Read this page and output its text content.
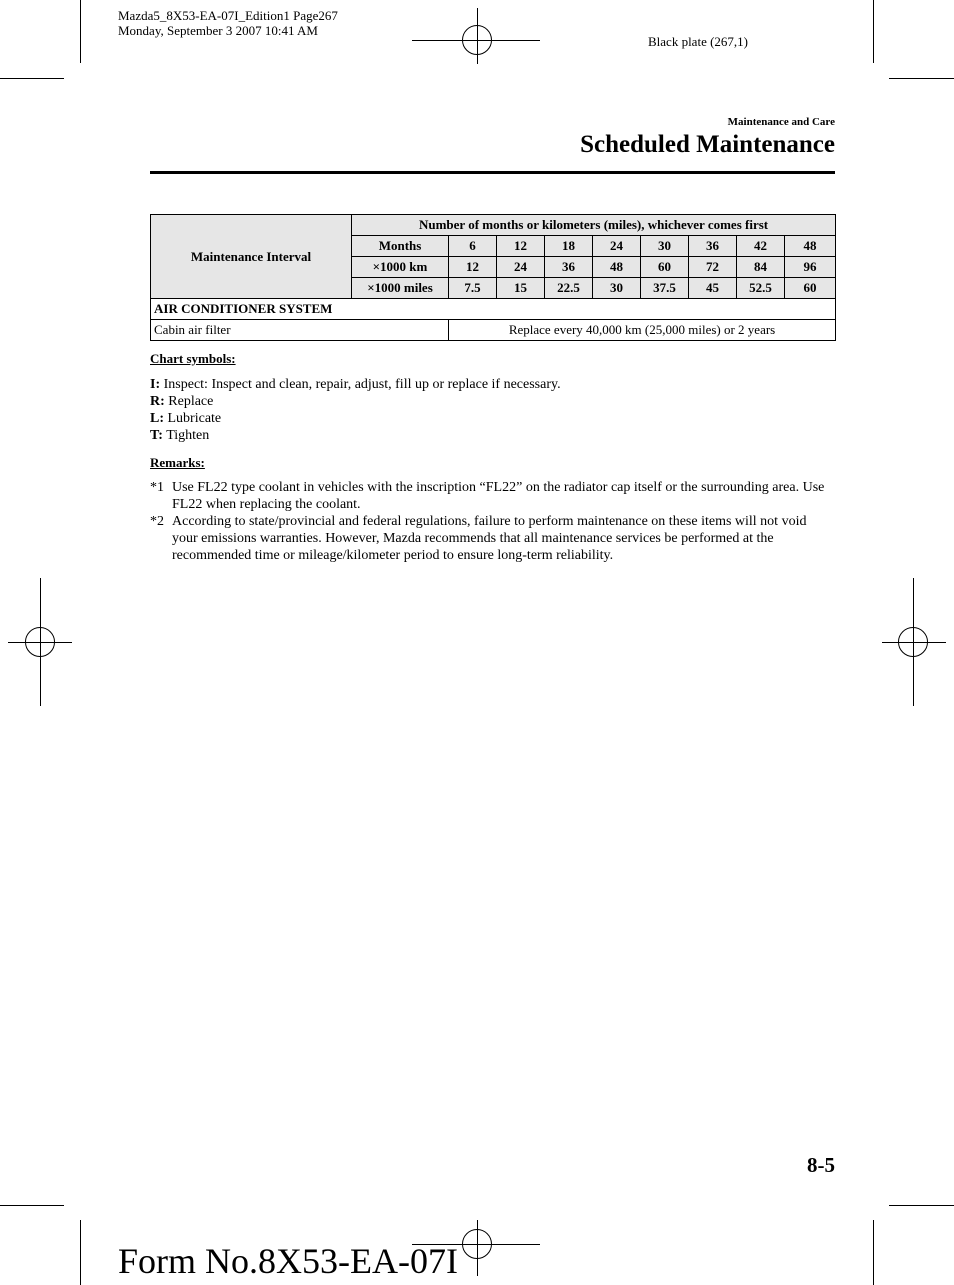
Mazda5_8X53-EA-07I_Edition1 Page267
Monday, September 3 2007 10:41 AM
Black plate (267,1)
Maintenance and Care
Scheduled Maintenance
Maintenance Interval	Number of months or kilometers (miles), whichever comes first								
	Months	6	12	18	24	30	36	42	48
	×1000 km	12	24	36	48	60	72	84	96
	×1000 miles	7.5	15	22.5	30	37.5	45	52.5	60
AIR CONDITIONER SYSTEM									
Cabin air filter		Replace every 40,000 km (25,000 miles) or 2 years							
Chart symbols:
I: Inspect: Inspect and clean, repair, adjust, fill up or replace if necessary.
R: Replace
L: Lubricate
T: Tighten
Remarks:
*1 Use FL22 type coolant in vehicles with the inscription “FL22” on the radiator cap itself or the surrounding area. Use FL22 when replacing the coolant.
*2 According to state/provincial and federal regulations, failure to perform maintenance on these items will not void your emissions warranties. However, Mazda recommends that all maintenance services be performed at the recommended time or mileage/kilometer period to ensure long-term reliability.
8-5
Form No.8X53-EA-07I
